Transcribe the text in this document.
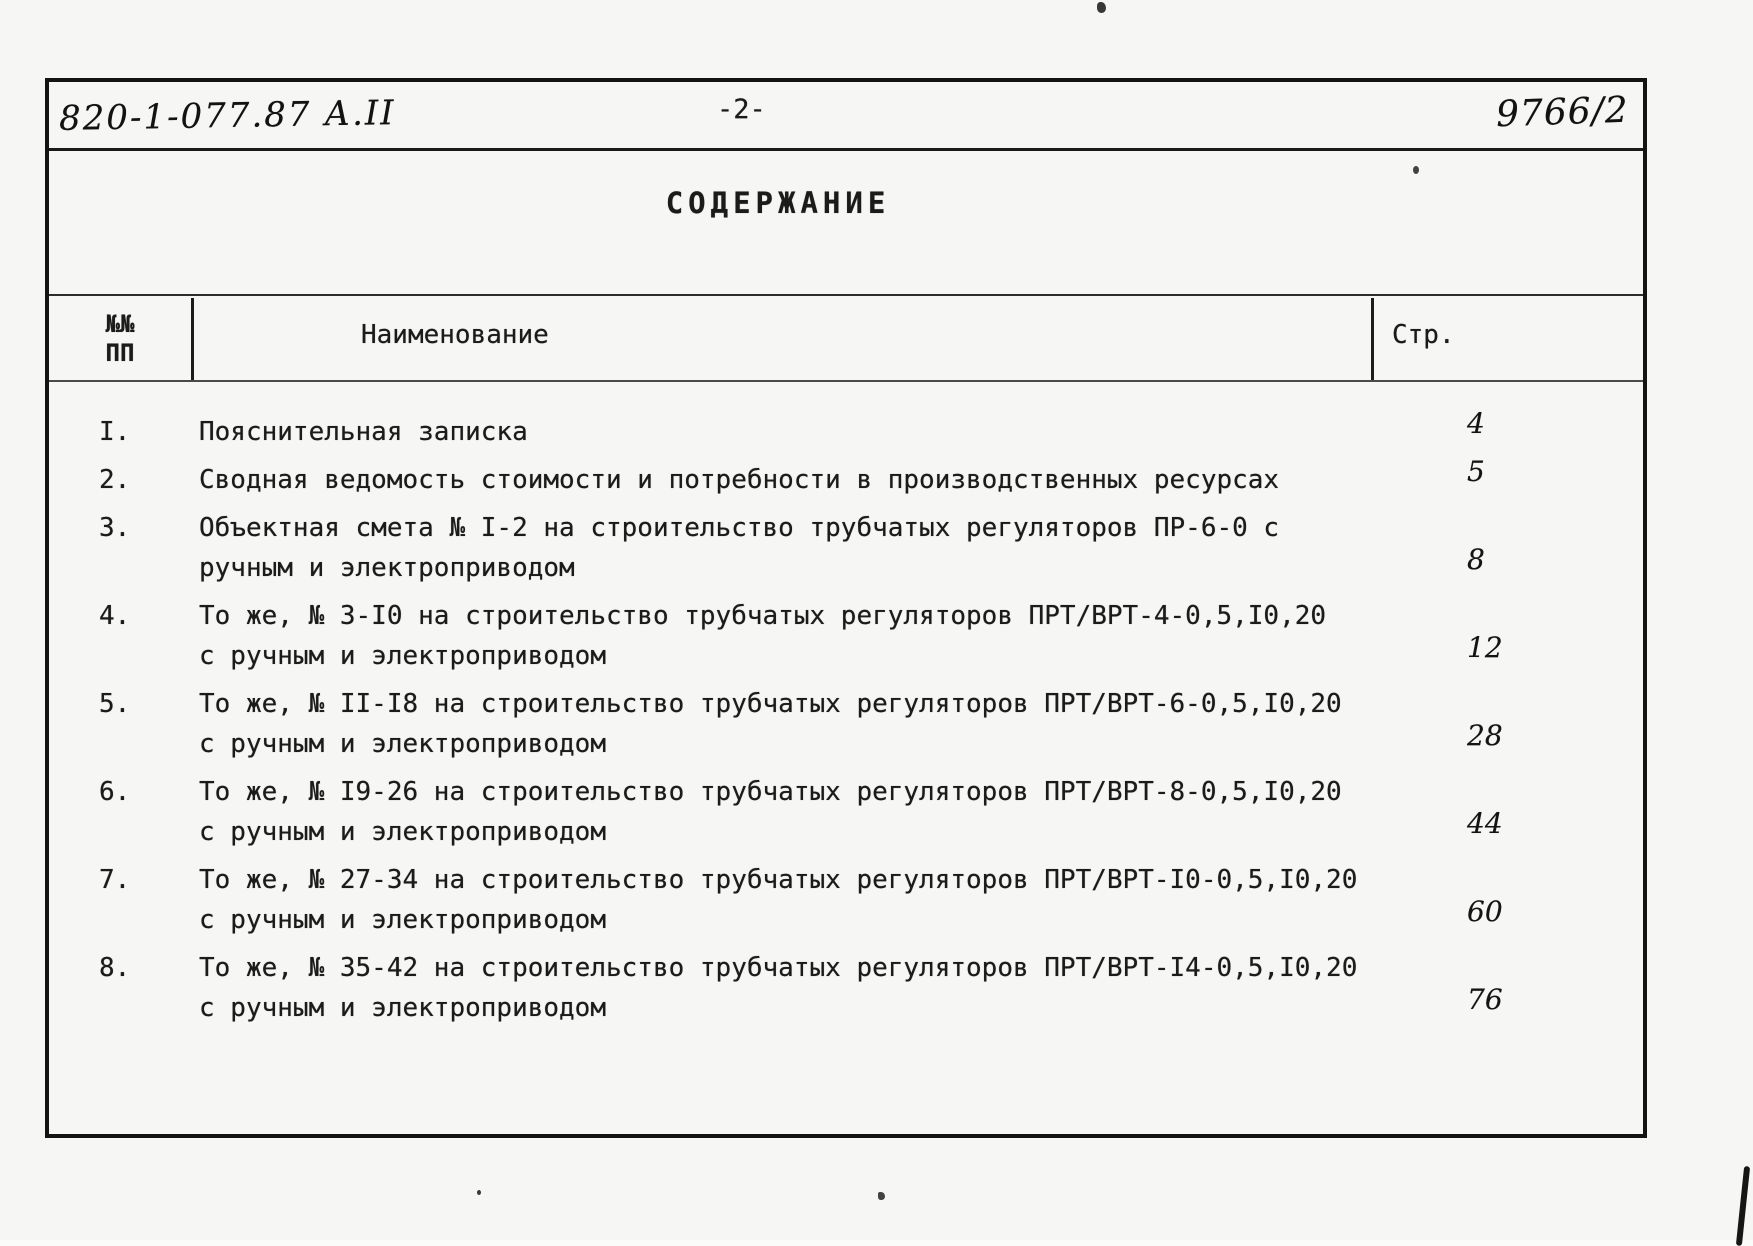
820-1-077.87 А.II	-2-	9766/2
СОДЕРЖАНИЕ
№№
ПП
Наименование	Стр.
I.	Пояснительная записка	4
2.	Сводная ведомость стоимости и потребности в производственных ресурсах	5
3.	Объектная смета № I-2 на строительство трубчатых регуляторов ПР-6-0 с
ручным и электроприводом	8
4.	То же, № 3-I0 на строительство трубчатых регуляторов ПРТ/ВРТ-4-0,5,I0,20
с ручным и электроприводом	12
5.	То же, № II-I8 на строительство трубчатых регуляторов ПРТ/ВРТ-6-0,5,I0,20
с ручным и электроприводом	28
6.	То же, № I9-26 на строительство трубчатых регуляторов ПРТ/ВРТ-8-0,5,I0,20
с ручным и электроприводом	44
7.	То же, № 27-34 на строительство трубчатых регуляторов ПРТ/ВРТ-I0-0,5,I0,20
с ручным и электроприводом	60
8.	То же, № 35-42 на строительство трубчатых регуляторов ПРТ/ВРТ-I4-0,5,I0,20
с ручным и электроприводом	76
